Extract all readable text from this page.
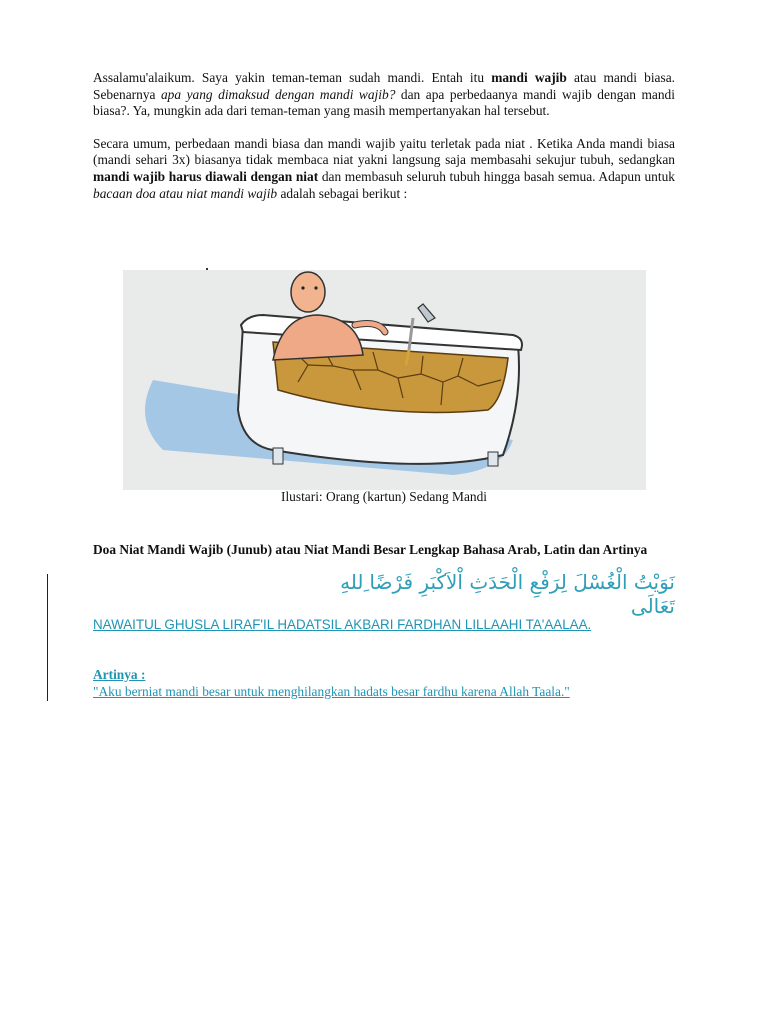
Assalamu'alaikum. Saya yakin teman-teman sudah mandi. Entah itu mandi wajib atau mandi biasa. Sebenarnya apa yang dimaksud dengan mandi wajib? dan apa perbedaanya mandi wajib dengan mandi biasa?. Ya, mungkin ada dari teman-teman yang masih mempertanyakan hal tersebut.

Secara umum, perbedaan mandi biasa dan mandi wajib yaitu terletak pada niat . Ketika Anda mandi biasa (mandi sehari 3x) biasanya tidak membaca niat yakni langsung saja membasahi sekujur tubuh, sedangkan mandi wajib harus diawali dengan niat dan membasuh seluruh tubuh hingga basah semua. Adapun untuk bacaan doa atau niat mandi wajib adalah sebagai berikut :

Ilustari: Orang (kartun) Sedang Mandi
Doa Niat Mandi Wajib (Junub) atau Niat Mandi Besar Lengkap Bahasa Arab, Latin dan Artinya
نَوَيْتُ الْغُسْلَ لِرَفْعِ الْحَدَثِ اْلاَكْبَرِ فَرْضًا ِللهِ تَعَالَى
NAWAITUL GHUSLA LIRAF'IL HADATSIL AKBARI FARDHAN LILLAAHI TA'AALAA.
Artinya :
"Aku berniat mandi besar untuk menghilangkan hadats besar fardhu karena Allah Taala."
